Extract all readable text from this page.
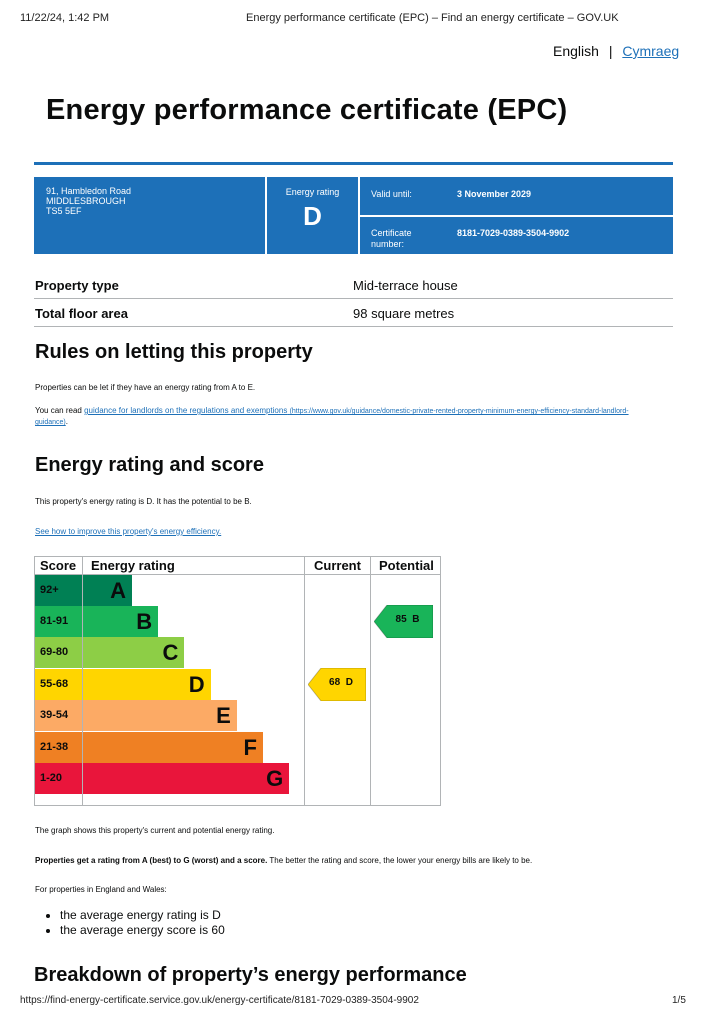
11/22/24, 1:42 PM	Energy performance certificate (EPC) – Find an energy certificate – GOV.UK
English | Cymraeg
Energy performance certificate (EPC)
91, Hambledon Road
MIDDLESBROUGH
TS5 5EF
Energy rating
D
Valid until:	3 November 2029
Certificate number:
8181-7029-0389-3504-9902
Property type	Mid-terrace house
Total floor area	98 square metres
Rules on letting this property
Properties can be let if they have an energy rating from A to E.
You can read guidance for landlords on the regulations and exemptions (https://www.gov.uk/guidance/domestic-private-rented-property-minimum-energy-efficiency-standard-landlord-guidance).
Energy rating and score
This property's energy rating is D. It has the potential to be B.
See how to improve this property's energy efficiency.
Score Energy rating	Current Potential
92+	A
81-91	B
69-80	C
55-68	D
39-54	E
21-38	F
1-20	G
68  D
85  B
The graph shows this property's current and potential energy rating.
Properties get a rating from A (best) to G (worst) and a score. The better the rating and score, the lower your energy bills are likely to be.
For properties in England and Wales:
• the average energy rating is D
• the average energy score is 60
Breakdown of property’s energy performance
https://find-energy-certificate.service.gov.uk/energy-certificate/8181-7029-0389-3504-9902	1/5
